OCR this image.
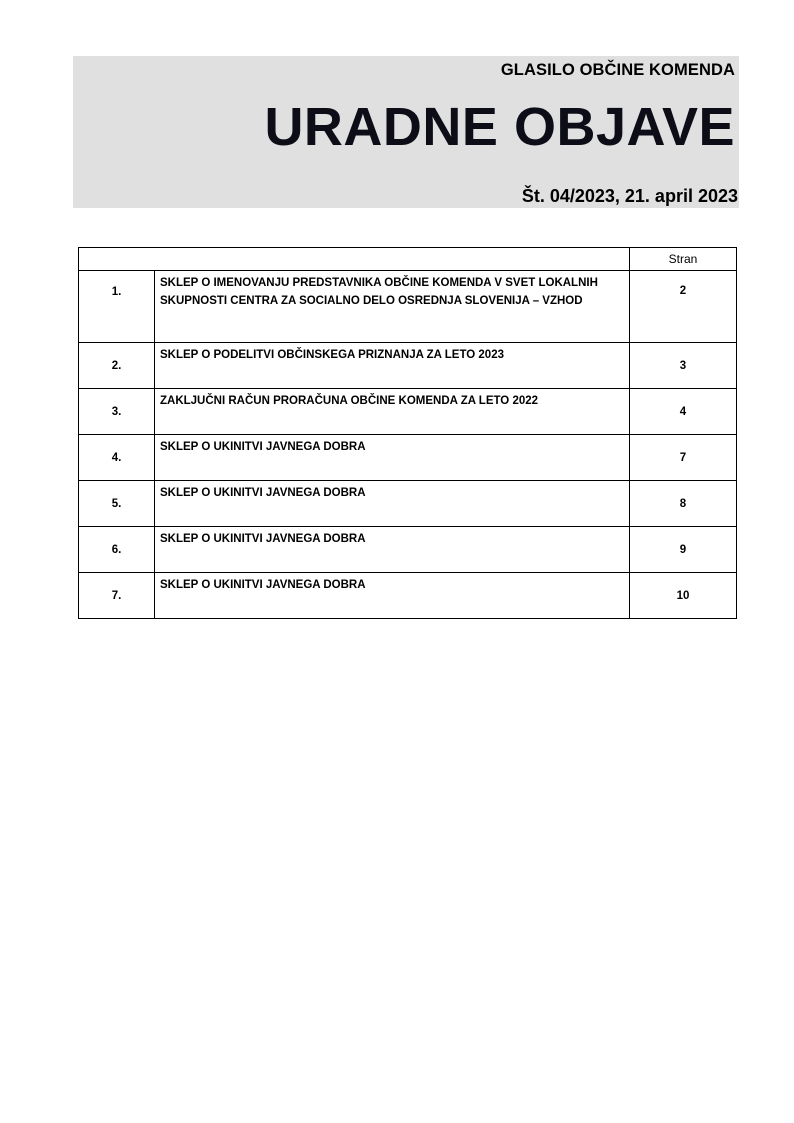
GLASILO OBČINE KOMENDA
URADNE OBJAVE
Št. 04/2023, 21. april 2023
		Stran
1.	SKLEP O IMENOVANJU PREDSTAVNIKA OBČINE KOMENDA V SVET LOKALNIH SKUPNOSTI CENTRA ZA SOCIALNO DELO OSREDNJA SLOVENIJA – VZHOD	2
2.	SKLEP O PODELITVI OBČINSKEGA PRIZNANJA ZA LETO 2023	3
3.	ZAKLJUČNI RAČUN PRORAČUNA OBČINE KOMENDA ZA LETO 2022	4
4.	SKLEP O UKINITVI JAVNEGA DOBRA	7
5.	SKLEP O UKINITVI JAVNEGA DOBRA	8
6.	SKLEP O UKINITVI JAVNEGA DOBRA	9
7.	SKLEP O UKINITVI JAVNEGA DOBRA	10
